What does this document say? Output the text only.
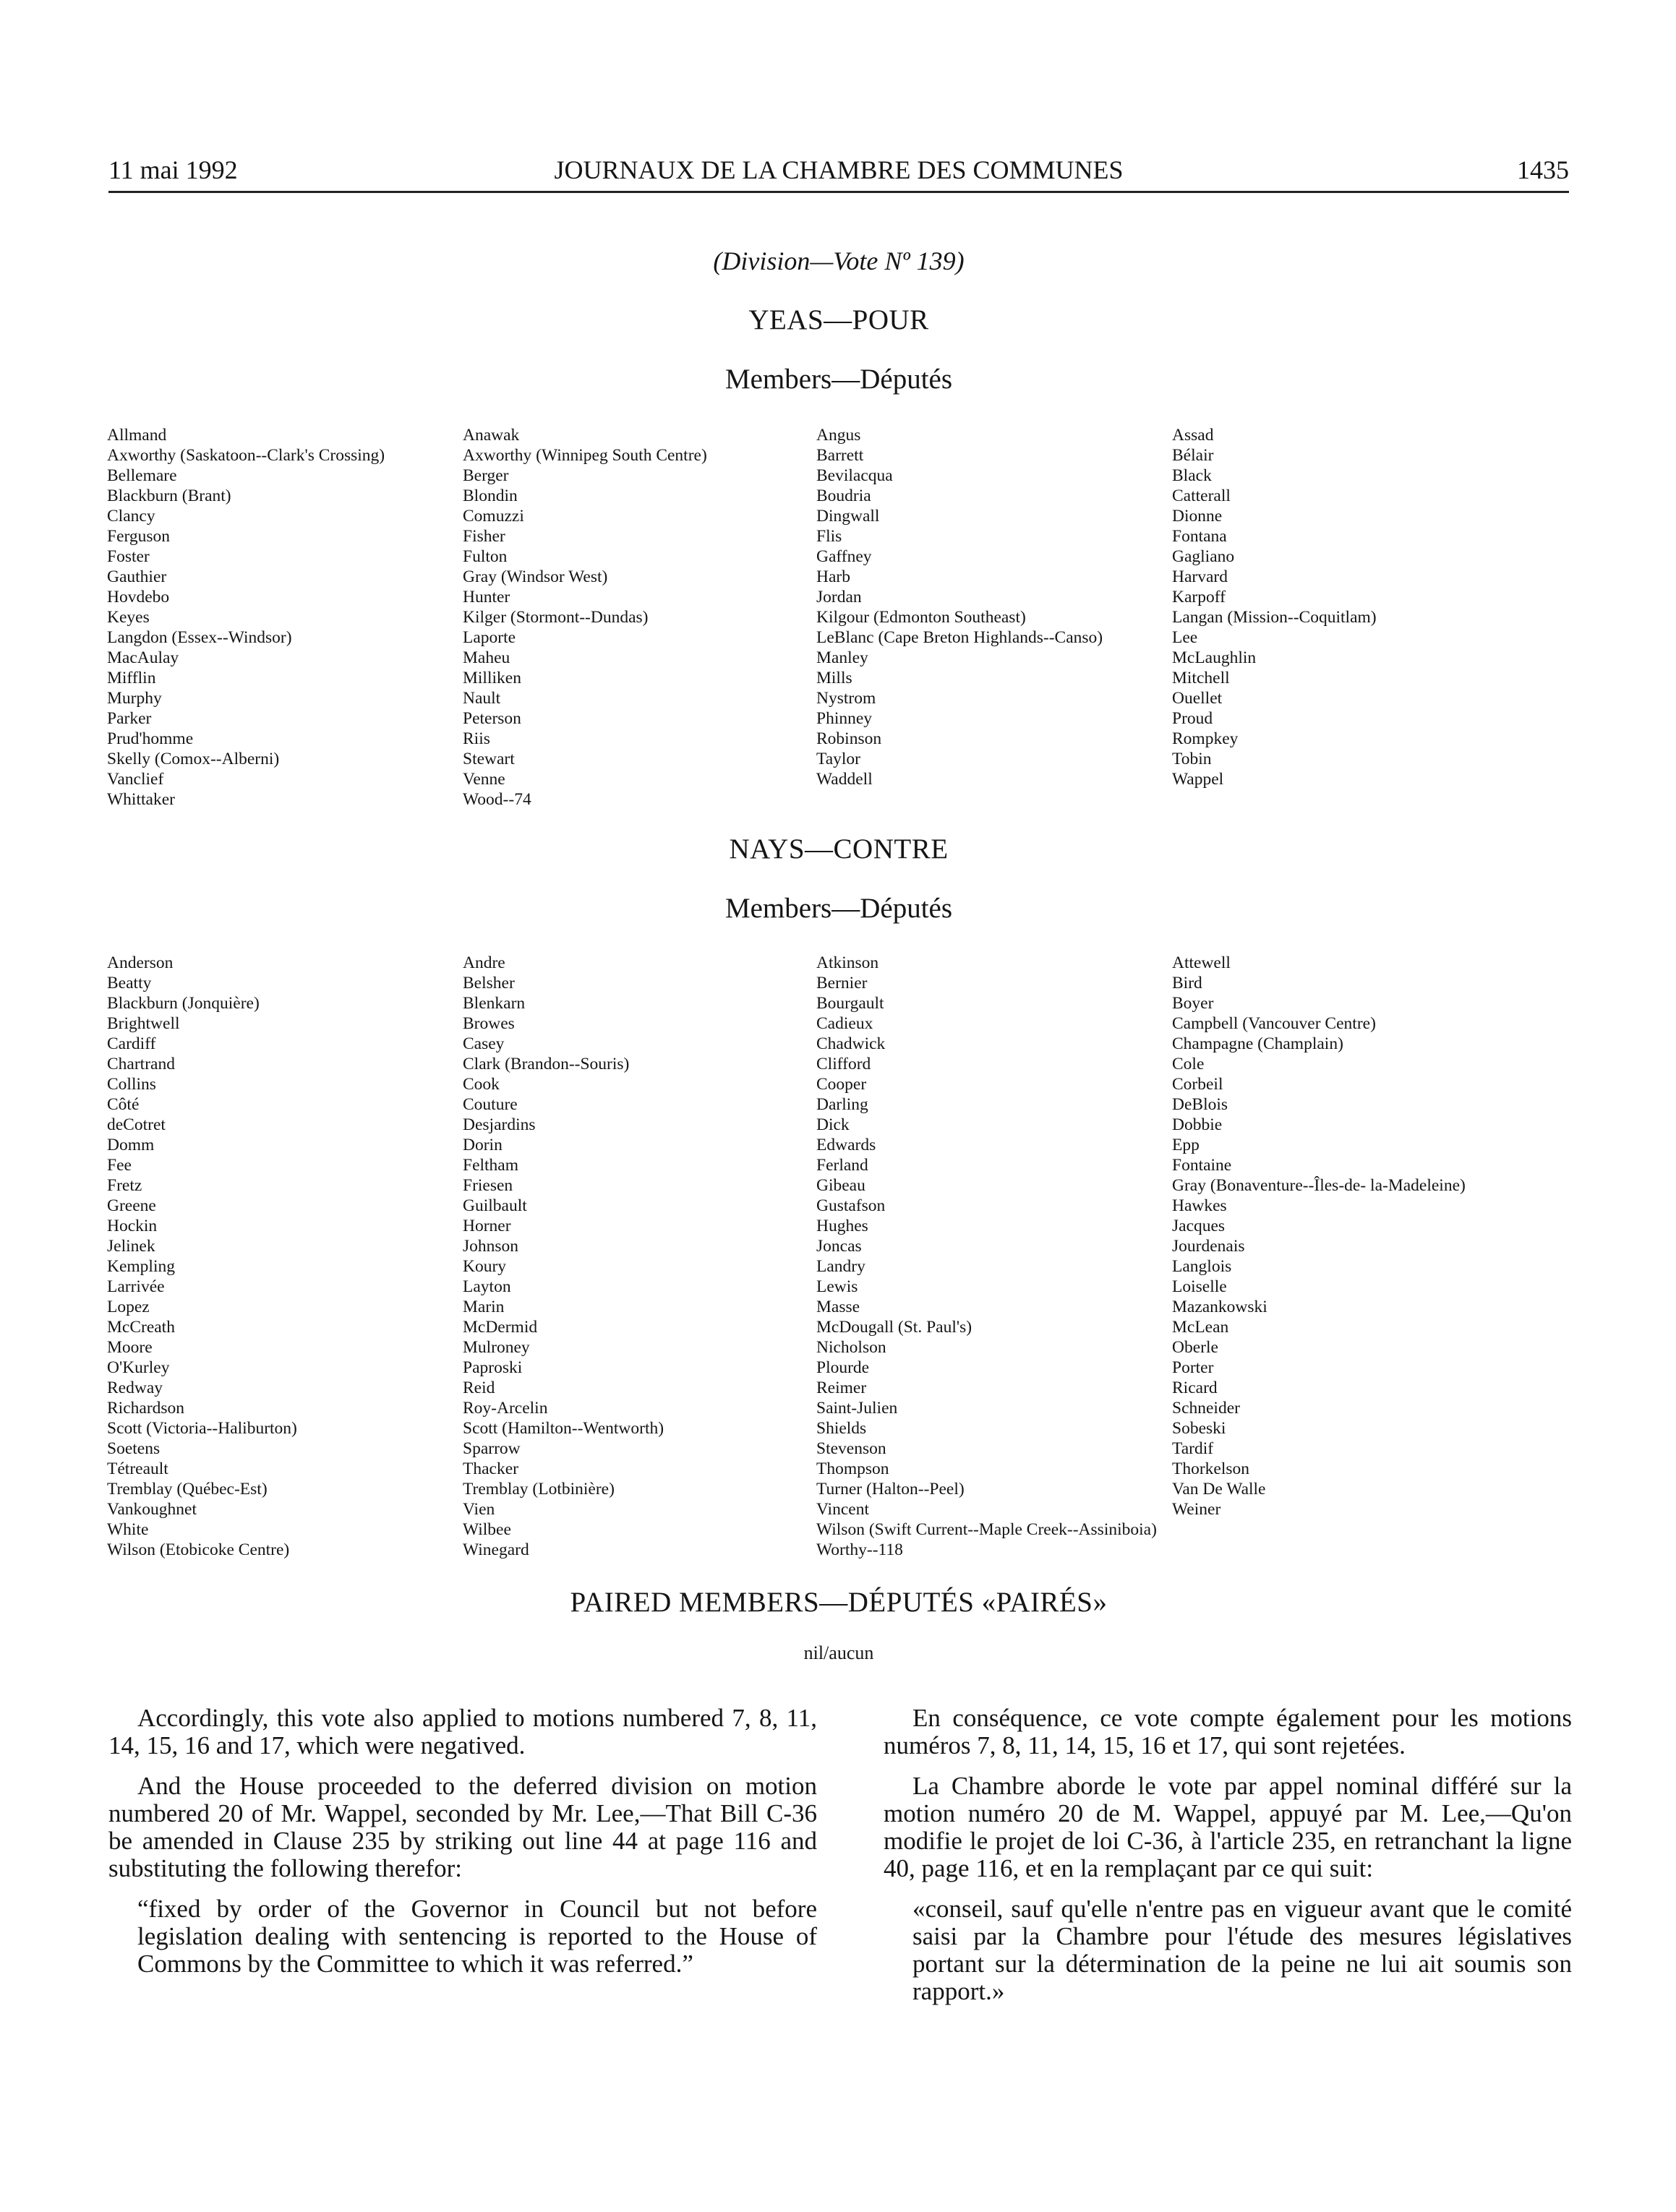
11 mai 1992	JOURNAUX DE LA CHAMBRE DES COMMUNES	1435
(Division—Vote Nº 139)
YEAS—POUR
Members—Députés
Allmand
Axworthy (Saskatoon--Clark's Crossing)
Bellemare
Blackburn (Brant)
Clancy
Ferguson
Foster
Gauthier
Hovdebo
Keyes
Langdon (Essex--Windsor)
MacAulay
Mifflin
Murphy
Parker
Prud'homme
Skelly (Comox--Alberni)
Vanclief
Whittaker
Anawak
Axworthy (Winnipeg South Centre)
Berger
Blondin
Comuzzi
Fisher
Fulton
Gray (Windsor West)
Hunter
Kilger (Stormont--Dundas)
Laporte
Maheu
Milliken
Nault
Peterson
Riis
Stewart
Venne
Wood--74
Angus
Barrett
Bevilacqua
Boudria
Dingwall
Flis
Gaffney
Harb
Jordan
Kilgour (Edmonton Southeast)
LeBlanc (Cape Breton Highlands--Canso)
Manley
Mills
Nystrom
Phinney
Robinson
Taylor
Waddell
Assad
Bélair
Black
Catterall
Dionne
Fontana
Gagliano
Harvard
Karpoff
Langan (Mission--Coquitlam)
Lee
McLaughlin
Mitchell
Ouellet
Proud
Rompkey
Tobin
Wappel
NAYS—CONTRE
Members—Députés
Anderson
Beatty
Blackburn (Jonquière)
Brightwell
Cardiff
Chartrand
Collins
Côté
deCotret
Domm
Fee
Fretz
Greene
Hockin
Jelinek
Kempling
Larrivée
Lopez
McCreath
Moore
O'Kurley
Redway
Richardson
Scott (Victoria--Haliburton)
Soetens
Tétreault
Tremblay (Québec-Est)
Vankoughnet
White
Wilson (Etobicoke Centre)
Andre
Belsher
Blenkarn
Browes
Casey
Clark (Brandon--Souris)
Cook
Couture
Desjardins
Dorin
Feltham
Friesen
Guilbault
Horner
Johnson
Koury
Layton
Marin
McDermid
Mulroney
Paproski
Reid
Roy-Arcelin
Scott (Hamilton--Wentworth)
Sparrow
Thacker
Tremblay (Lotbinière)
Vien
Wilbee
Winegard
Atkinson
Bernier
Bourgault
Cadieux
Chadwick
Clifford
Cooper
Darling
Dick
Edwards
Ferland
Gibeau
Gustafson
Hughes
Joncas
Landry
Lewis
Masse
McDougall (St. Paul's)
Nicholson
Plourde
Reimer
Saint-Julien
Shields
Stevenson
Thompson
Turner (Halton--Peel)
Vincent
Wilson (Swift Current--Maple Creek--Assiniboia)
Worthy--118
Attewell
Bird
Boyer
Campbell (Vancouver Centre)
Champagne (Champlain)
Cole
Corbeil
DeBlois
Dobbie
Epp
Fontaine
Gray (Bonaventure--Îles-de- la-Madeleine)
Hawkes
Jacques
Jourdenais
Langlois
Loiselle
Mazankowski
McLean
Oberle
Porter
Ricard
Schneider
Sobeski
Tardif
Thorkelson
Van De Walle
Weiner
PAIRED MEMBERS—DÉPUTÉS «PAIRÉS»
nil/aucun

Accordingly, this vote also applied to motions numbered 7, 8, 11, 14, 15, 16 and 17, which were negatived.

And the House proceeded to the deferred division on motion numbered 20 of Mr. Wappel, seconded by Mr. Lee,—That Bill C-36 be amended in Clause 235 by striking out line 44 at page 116 and substituting the following therefor:

“fixed by order of the Governor in Council but not before legislation dealing with sentencing is reported to the House of Commons by the Committee to which it was referred.”

En conséquence, ce vote compte également pour les motions numéros 7, 8, 11, 14, 15, 16 et 17, qui sont rejetées.

La Chambre aborde le vote par appel nominal différé sur la motion numéro 20 de M. Wappel, appuyé par M. Lee,—Qu'on modifie le projet de loi C-36, à l'article 235, en retranchant la ligne 40, page 116, et en la remplaçant par ce qui suit:

«conseil, sauf qu'elle n'entre pas en vigueur avant que le comité saisi par la Chambre pour l'étude des mesures législatives portant sur la détermination de la peine ne lui ait soumis son rapport.»
